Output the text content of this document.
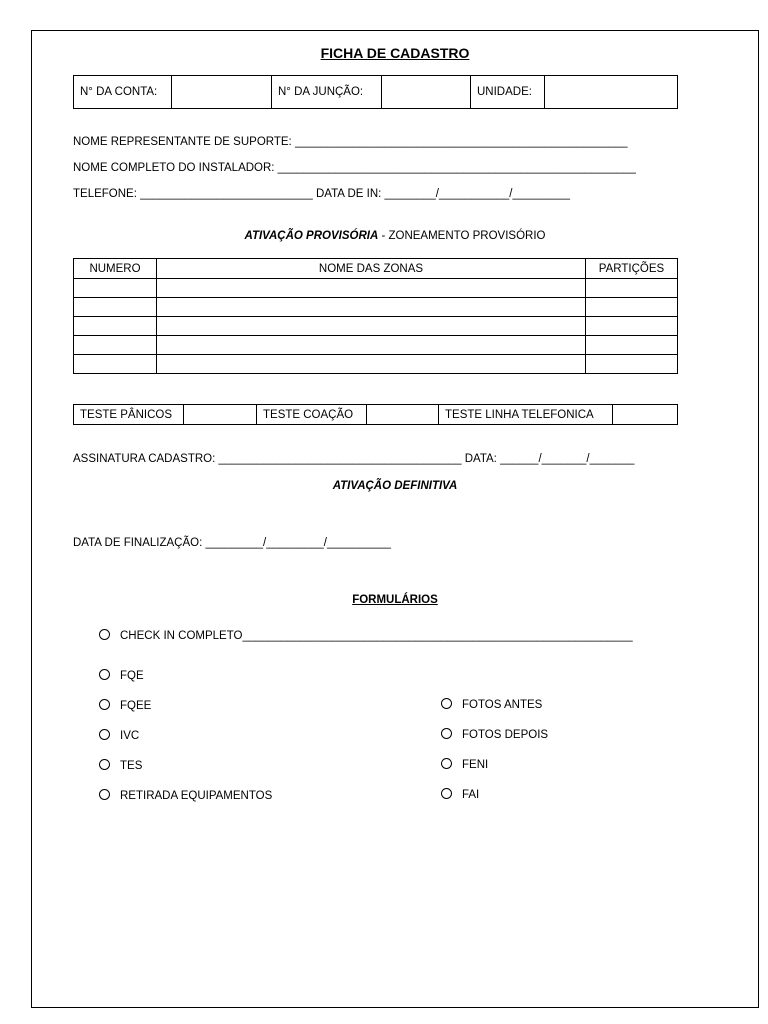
FICHA DE CADASTRO
N° DA CONTA:		N° DA JUNÇÃO:		UNIDADE:	
NOME REPRESENTANTE DE SUPORTE: ____________________________________________________
NOME COMPLETO DO INSTALADOR: ________________________________________________________
TELEFONE: ___________________________ DATA DE IN: ________/___________/_________
ATIVAÇÃO PROVISÓRIA - ZONEAMENTO PROVISÓRIO
NUMERO	NOME DAS ZONAS	PARTIÇÕES

TESTE PÂNICOS		TESTE COAÇÃO		TESTE LINHA TELEFONICA	
ASSINATURA CADASTRO: ______________________________________ DATA: ______/_______/_______
ATIVAÇÃO DEFINITIVA
DATA DE FINALIZAÇÃO: _________/_________/__________
FORMULÁRIOS
CHECK IN COMPLETO_____________________________________________________________
FQE
FQEE
IVC
TES
RETIRADA EQUIPAMENTOS
FOTOS ANTES
FOTOS DEPOIS
FENI
FAI
